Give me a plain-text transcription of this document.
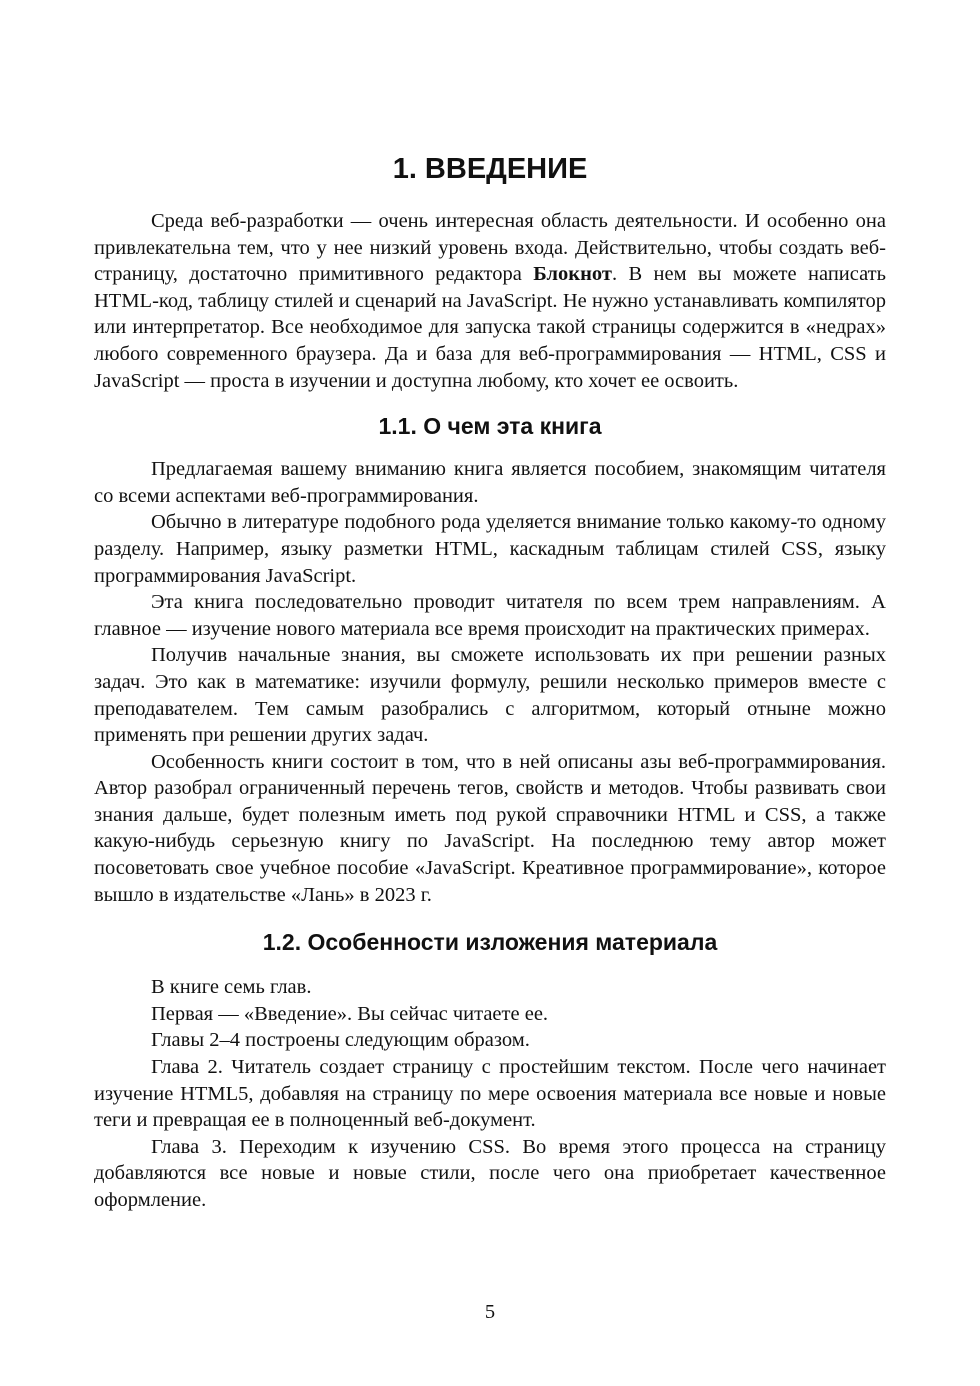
1. ВВЕДЕНИЕ

Среда веб-разработки — очень интересная область деятельности. И особенно она привлекательна тем, что у нее низкий уровень входа. Действительно, чтобы создать веб-страницу, достаточно примитивного редактора Блокнот. В нем вы можете написать HTML-код, таблицу стилей и сценарий на JavaScript. Не нужно устанавливать компилятор или интерпретатор. Все необходимое для запуска такой страницы содержится в «недрах» любого современного браузера. Да и база для веб-программирования — HTML, CSS и JavaScript — проста в изучении и доступна любому, кто хочет ее освоить.

1.1. О чем эта книга

Предлагаемая вашему вниманию книга является пособием, знакомящим читателя со всеми аспектами веб-программирования.

Обычно в литературе подобного рода уделяется внимание только какому-то одному разделу. Например, языку разметки HTML, каскадным таблицам стилей CSS, языку программирования JavaScript.

Эта книга последовательно проводит читателя по всем трем направлениям. А главное — изучение нового материала все время происходит на практических примерах.

Получив начальные знания, вы сможете использовать их при решении разных задач. Это как в математике: изучили формулу, решили несколько примеров вместе с преподавателем. Тем самым разобрались с алгоритмом, который отныне можно применять при решении других задач.

Особенность книги состоит в том, что в ней описаны азы веб-программирования. Автор разобрал ограниченный перечень тегов, свойств и методов. Чтобы развивать свои знания дальше, будет полезным иметь под рукой справочники HTML и CSS, а также какую-нибудь серьезную книгу по JavaScript. На последнюю тему автор может посоветовать свое учебное пособие «JavaScript. Креативное программирование», которое вышло в издательстве «Лань» в 2023 г.

1.2. Особенности изложения материала

В книге семь глав.

Первая — «Введение». Вы сейчас читаете ее.

Главы 2–4 построены следующим образом.

Глава 2. Читатель создает страницу с простейшим текстом. После чего начинает изучение HTML5, добавляя на страницу по мере освоения материала все новые и новые теги и превращая ее в полноценный веб-документ.

Глава 3. Переходим к изучению CSS. Во время этого процесса на страницу добавляются все новые и новые стили, после чего она приобретает качественное оформление.

5
